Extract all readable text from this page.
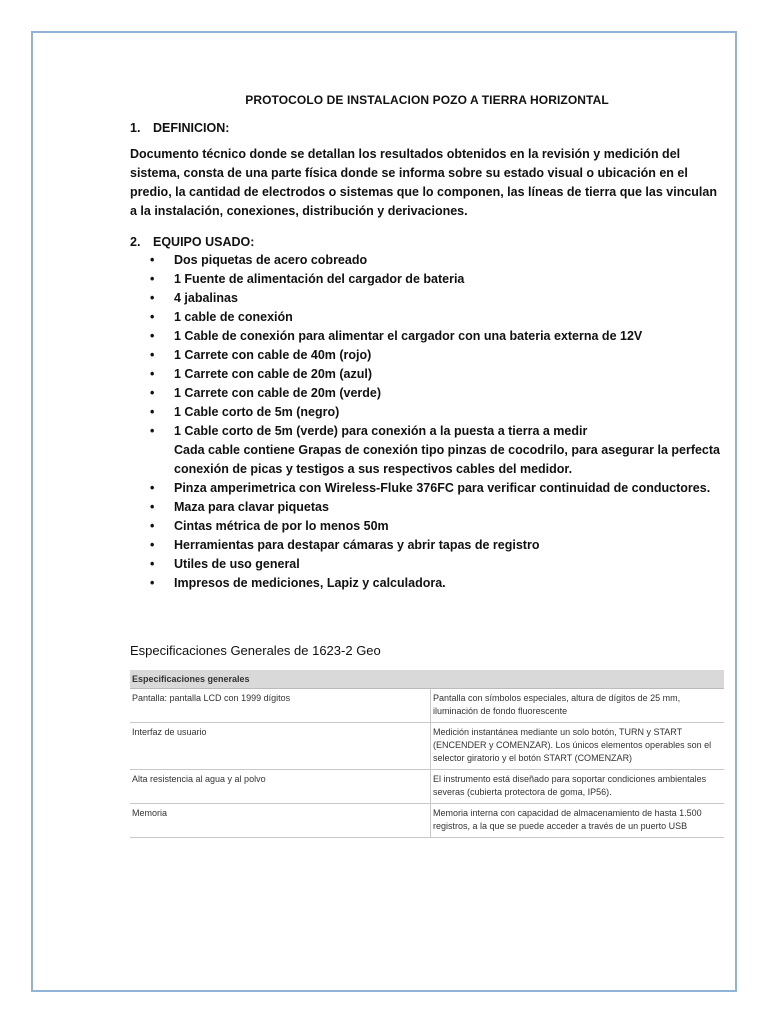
PROTOCOLO DE INSTALACION POZO A TIERRA HORIZONTAL

1. DEFINICION:

Documento técnico donde se detallan los resultados obtenidos en la revisión y medición del sistema, consta de una parte física donde se informa sobre su estado visual o ubicación en el predio, la cantidad de electrodos o sistemas que lo componen, las líneas de tierra que las vinculan a la instalación, conexiones, distribución y derivaciones.

2. EQUIPO USADO:

• Dos piquetas de acero cobreado
• 1 Fuente de alimentación del cargador de bateria
• 4 jabalinas
• 1 cable de conexión
• 1 Cable de conexión para alimentar el cargador con una bateria externa de 12V
• 1 Carrete con cable de 40m (rojo)
• 1 Carrete con cable de 20m (azul)
• 1 Carrete con cable de 20m (verde)
• 1 Cable corto de 5m (negro)
• 1 Cable corto de 5m (verde) para conexión a la puesta a tierra a medir
Cada cable contiene Grapas de conexión tipo pinzas de cocodrilo, para asegurar la perfecta conexión de picas y testigos a sus respectivos cables del medidor.
• Pinza amperimetrica con Wireless-Fluke 376FC para verificar continuidad de conductores.
• Maza para clavar piquetas
• Cintas métrica de por lo menos 50m
• Herramientas para destapar cámaras y abrir tapas de registro
• Utiles de uso general
• Impresos de mediciones, Lapiz y calculadora.

Especificaciones Generales de 1623-2 Geo

Especificaciones generales	
Pantalla: pantalla LCD con 1999 dígitos	Pantalla con símbolos especiales, altura de dígitos de 25 mm, iluminación de fondo fluorescente
Interfaz de usuario	Medición instantánea mediante un solo botón, TURN y START (ENCENDER y COMENZAR). Los únicos elementos operables son el selector giratorio y el botón START (COMENZAR)
Alta resistencia al agua y al polvo	El instrumento está diseñado para soportar condiciones ambientales severas (cubierta protectora de goma, IP56).
Memoria	Memoria interna con capacidad de almacenamiento de hasta 1.500 registros, a la que se puede acceder a través de un puerto USB
